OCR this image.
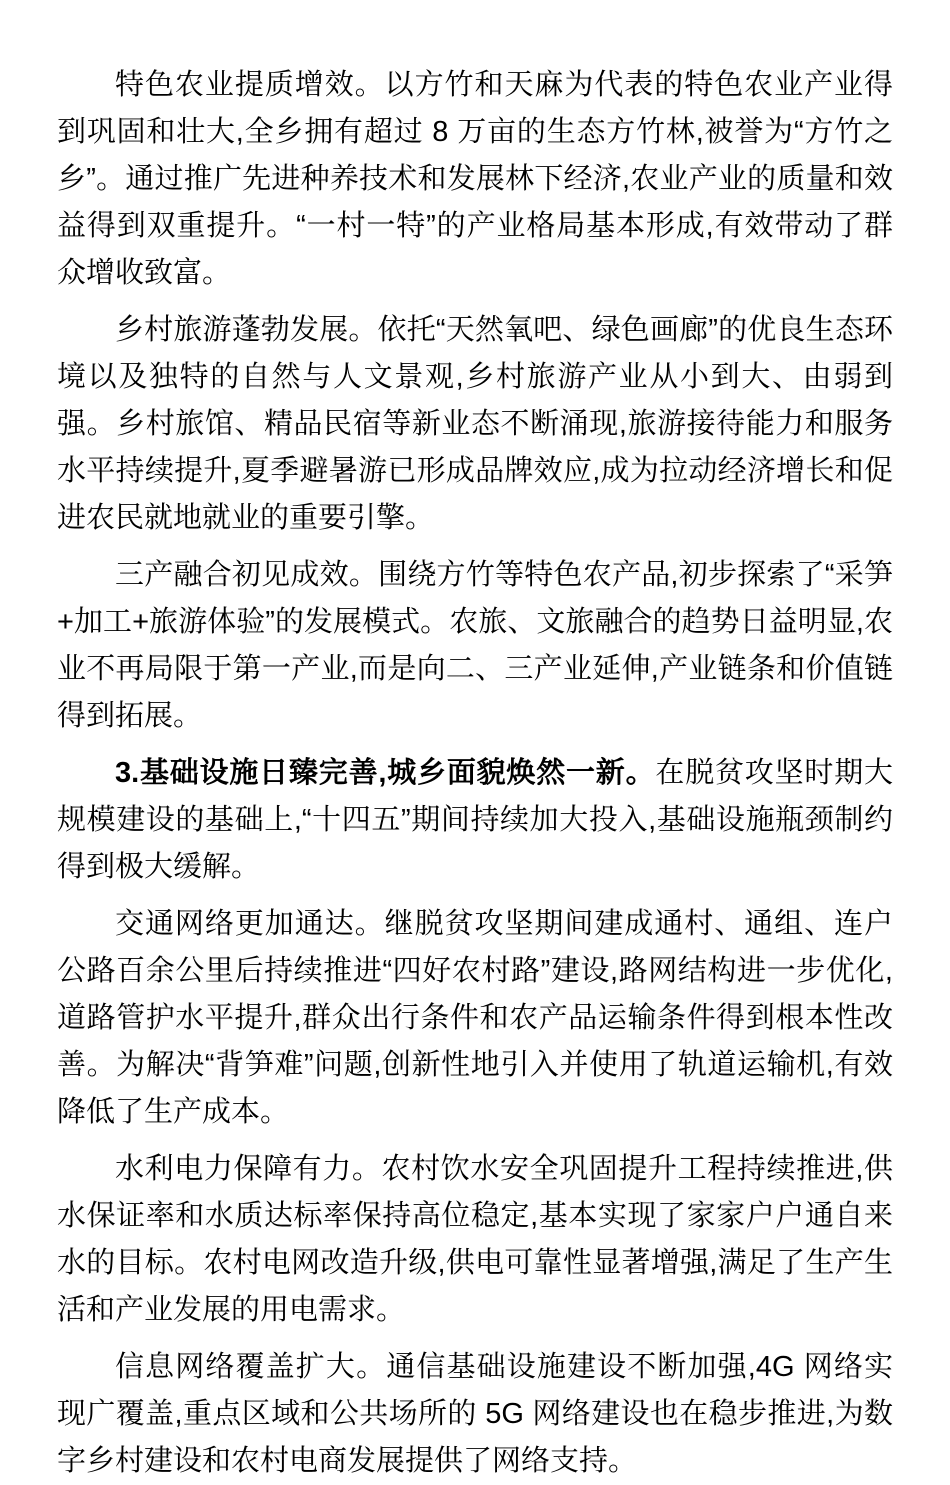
特色农业提质增效。以方竹和天麻为代表的特色农业产业得到巩固和壮大,全乡拥有超过 8 万亩的生态方竹林,被誉为“方竹之乡”。通过推广先进种养技术和发展林下经济,农业产业的质量和效益得到双重提升。“一村一特”的产业格局基本形成,有效带动了群众增收致富。

乡村旅游蓬勃发展。依托“天然氧吧、绿色画廊”的优良生态环境以及独特的自然与人文景观,乡村旅游产业从小到大、由弱到强。乡村旅馆、精品民宿等新业态不断涌现,旅游接待能力和服务水平持续提升,夏季避暑游已形成品牌效应,成为拉动经济增长和促进农民就地就业的重要引擎。

三产融合初见成效。围绕方竹等特色农产品,初步探索了“采笋+加工+旅游体验”的发展模式。农旅、文旅融合的趋势日益明显,农业不再局限于第一产业,而是向二、三产业延伸,产业链条和价值链得到拓展。

3.基础设施日臻完善,城乡面貌焕然一新。在脱贫攻坚时期大规模建设的基础上,“十四五”期间持续加大投入,基础设施瓶颈制约得到极大缓解。

交通网络更加通达。继脱贫攻坚期间建成通村、通组、连户公路百余公里后持续推进“四好农村路”建设,路网结构进一步优化,道路管护水平提升,群众出行条件和农产品运输条件得到根本性改善。为解决“背笋难”问题,创新性地引入并使用了轨道运输机,有效降低了生产成本。

水利电力保障有力。农村饮水安全巩固提升工程持续推进,供水保证率和水质达标率保持高位稳定,基本实现了家家户户通自来水的目标。农村电网改造升级,供电可靠性显著增强,满足了生产生活和产业发展的用电需求。

信息网络覆盖扩大。通信基础设施建设不断加强,4G 网络实现广覆盖,重点区域和公共场所的 5G 网络建设也在稳步推进,为数字乡村建设和农村电商发展提供了网络支持。
